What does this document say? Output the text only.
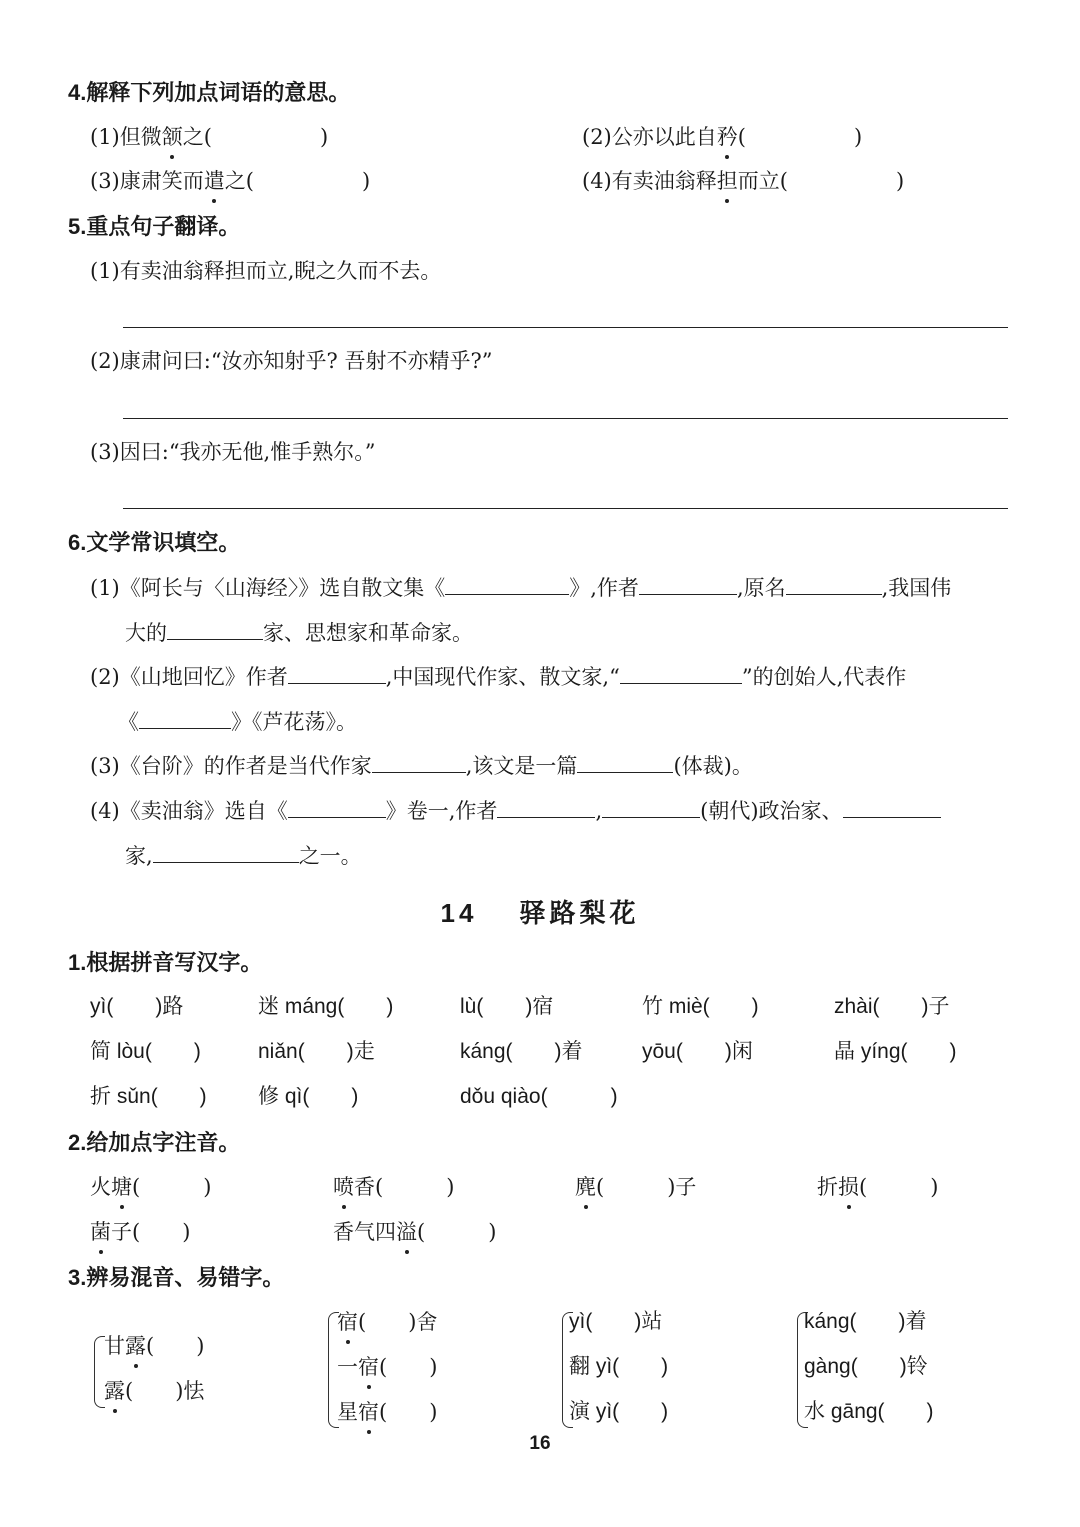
4.解释下列加点词语的意思。
(1)但微颔之(	)	(2)公亦以此自矜(	)
(3)康肃笑而遣之(	)	(4)有卖油翁释担而立(	)
5.重点句子翻译。
(1)有卖油翁释担而立,睨之久而不去。
(2)康肃问曰:“汝亦知射乎? 吾射不亦精乎?”
(3)因曰:“我亦无他,惟手熟尔。”
6.文学常识填空。
(1)《阿长与〈山海经〉》选自散文集《	》,作者	,原名	,我国伟
大的	家、思想家和革命家。
(2)《山地回忆》作者	,中国现代作家、散文家,“	”的创始人,代表作
《	》《芦花荡》。
(3)《台阶》的作者是当代作家	,该文是一篇	(体裁)。
(4)《卖油翁》选自《	》卷一,作者	,	(朝代)政治家、
家,	之一。
14 驿路梨花
1.根据拼音写汉字。
yì(　　)路	迷 máng(　　)	lù(　　)宿	竹 miè(　　)	zhài(　　)子
简 lòu(　　)	niǎn(　　)走	káng(　　)着	yōu(　　)闲	晶 yíng(　　)
折 sǔn(　　) 修 qì(　　)	dǒu qiào(　　　)
2.给加点字注音。
火塘(　　　)	喷香(　　　)	麂(　　　)子	折损(　　　)
菌子(　　)	香气四溢(　　　)
3.辨易混音、易错字。
甘露(　　)
露(　　)怯
宿(　　)舍
一宿(　　)
星宿(　　)
yì(　　)站
翻 yì(　　)
演 yì(　　)
káng(　　)着
gàng(　　)铃
水 gāng(　　)
16
